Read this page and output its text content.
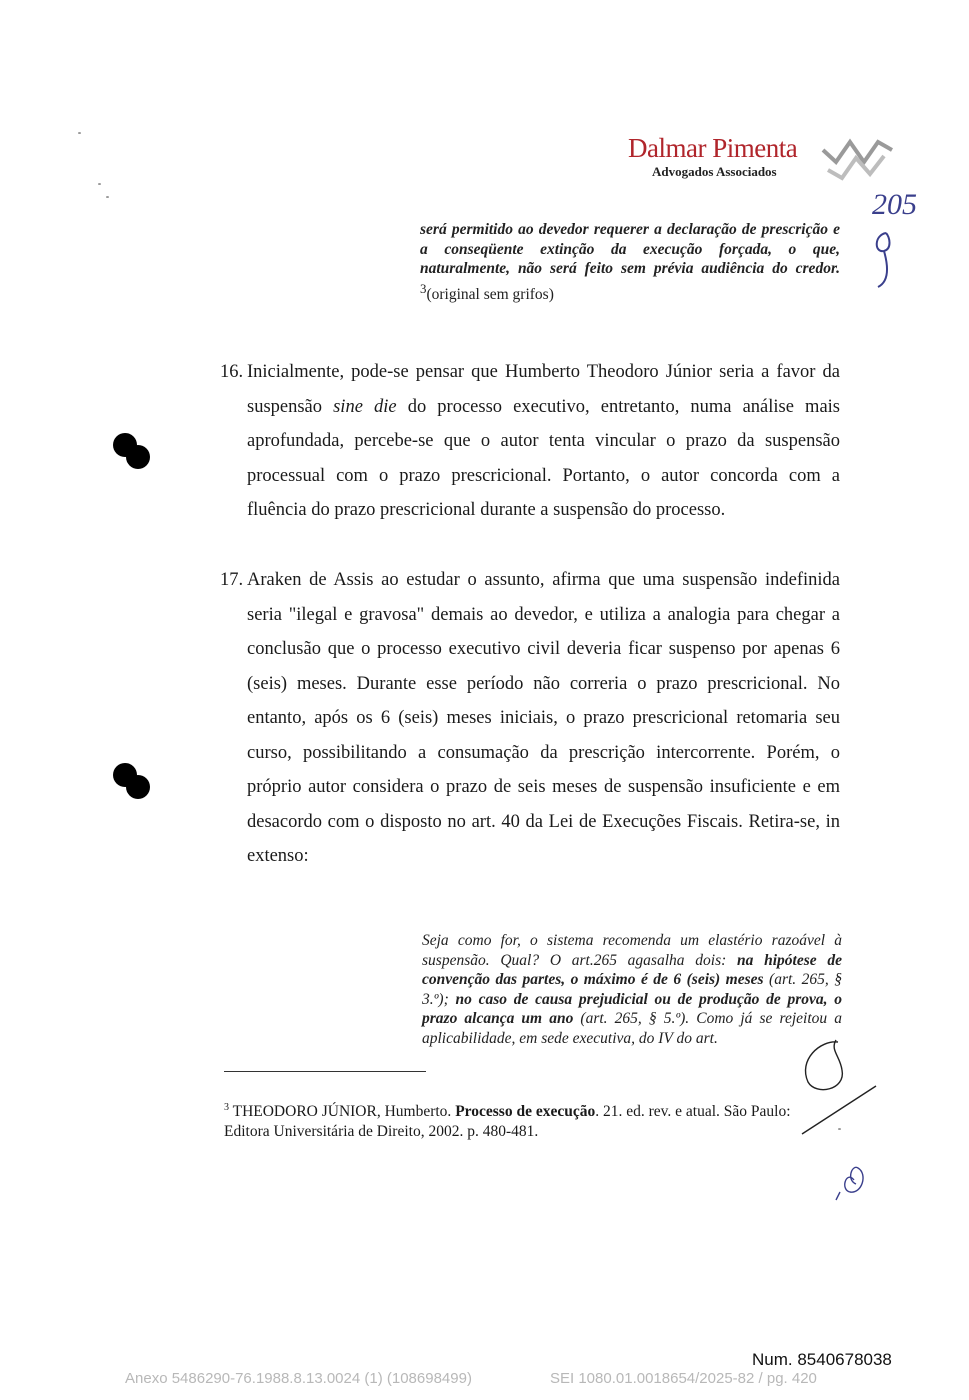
Dalmar Pimenta
Advogados Associados
205
será permitido ao devedor requerer a declaração de prescrição e a conseqüente extinção da execução forçada, o que, naturalmente, não será feito sem prévia audiência do credor. $^3$(original sem grifos)
16. Inicialmente, pode-se pensar que Humberto Theodoro Júnior seria a favor da suspensão sine die do processo executivo, entretanto, numa análise mais aprofundada, percebe-se que o autor tenta vincular o prazo da suspensão processual com o prazo prescricional. Portanto, o autor concorda com a fluência do prazo prescricional durante a suspensão do processo.
17. Araken de Assis ao estudar o assunto, afirma que uma suspensão indefinida seria "ilegal e gravosa" demais ao devedor, e utiliza a analogia para chegar a conclusão que o processo executivo civil deveria ficar suspenso por apenas 6 (seis) meses. Durante esse período não correria o prazo prescricional. No entanto, após os 6 (seis) meses iniciais, o prazo prescricional retomaria seu curso, possibilitando a consumação da prescrição intercorrente. Porém, o próprio autor considera o prazo de seis meses de suspensão insuficiente e em desacordo com o disposto no art. 40 da Lei de Execuções Fiscais. Retira-se, in extenso:
Seja como for, o sistema recomenda um elastério razoável à suspensão. Qual? O art.265 agasalha dois: na hipótese de convenção das partes, o máximo é de 6 (seis) meses (art. 265, § 3.º); no caso de causa prejudicial ou de produção de prova, o prazo alcança um ano (art. 265, § 5.º). Como já se rejeitou a aplicabilidade, em sede executiva, do IV do art.
$^3$ THEODORO JÚNIOR, Humberto. Processo de execução. 21. ed. rev. e atual. São Paulo: Editora Universitária de Direito, 2002. p. 480-481.
Num. 8540678038
Anexo 5486290-76.1988.8.13.0024 (1) (108698499)	SEI 1080.01.0018654/2025-82 / pg. 420
